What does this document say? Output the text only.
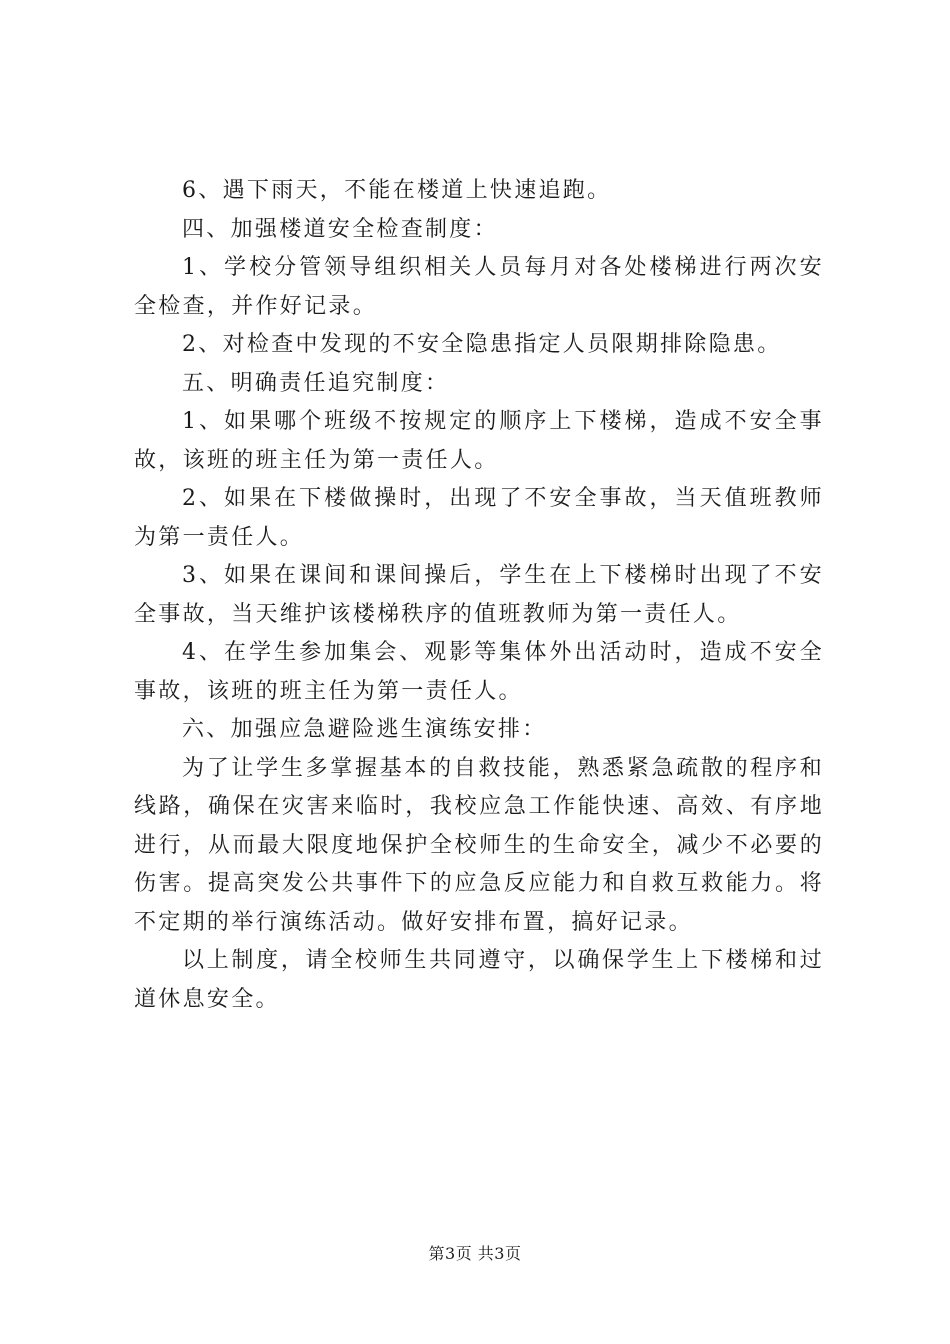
6、遇下雨天，不能在楼道上快速追跑。

四、加强楼道安全检查制度：

1、学校分管领导组织相关人员每月对各处楼梯进行两次安全检查，并作好记录。

2、对检查中发现的不安全隐患指定人员限期排除隐患。

五、明确责任追究制度：

1、如果哪个班级不按规定的顺序上下楼梯，造成不安全事故，该班的班主任为第一责任人。

2、如果在下楼做操时，出现了不安全事故，当天值班教师为第一责任人。

3、如果在课间和课间操后，学生在上下楼梯时出现了不安全事故，当天维护该楼梯秩序的值班教师为第一责任人。

4、在学生参加集会、观影等集体外出活动时，造成不安全事故，该班的班主任为第一责任人。

六、加强应急避险逃生演练安排：

为了让学生多掌握基本的自救技能，熟悉紧急疏散的程序和线路，确保在灾害来临时，我校应急工作能快速、高效、有序地进行，从而最大限度地保护全校师生的生命安全，减少不必要的伤害。提高突发公共事件下的应急反应能力和自救互救能力。将不定期的举行演练活动。做好安排布置，搞好记录。

以上制度，请全校师生共同遵守，以确保学生上下楼梯和过道休息安全。

第3页 共3页
